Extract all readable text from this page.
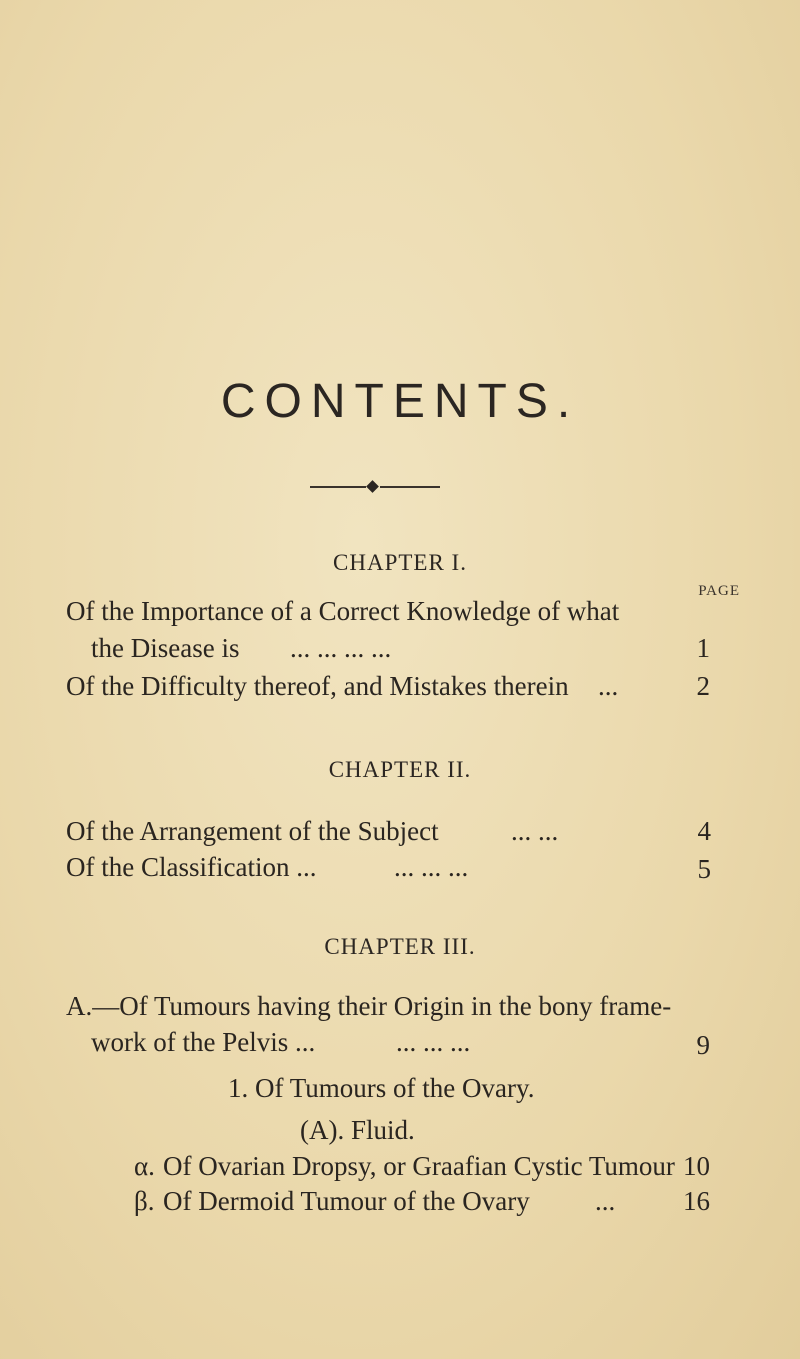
CONTENTS.
CHAPTER I.
PAGE
Of the Importance of a Correct Knowledge of what
the Disease is ... ... ... ...	1
Of the Difficulty thereof, and Mistakes therein ...	2
CHAPTER II.
Of the Arrangement of the Subject	... ...	4
Of the Classification ...	... ... ...	5
CHAPTER III.
A.—Of Tumours having their Origin in the bony frame-
work of the Pelvis ...	... ... ...	9
1. Of Tumours of the Ovary.
(A). Fluid.
α. Of Ovarian Dropsy, or Graafian Cystic Tumour 10
β. Of Dermoid Tumour of the Ovary ...	16
